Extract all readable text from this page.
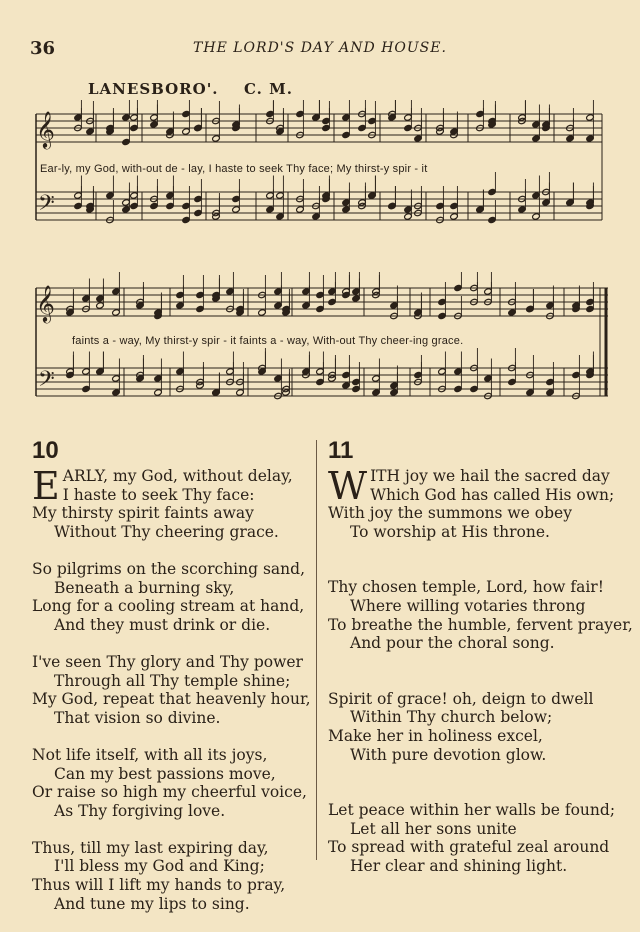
36	THE LORD'S DAY AND HOUSE.
LANESBORO'. C. M.
𝄞
𝄢
Ear-ly, my God, with-out de - lay, I haste to seek Thy face; My thirst-y spir - it
𝄞
𝄢
faints a - way, My thirst-y spir - it faints a - way, With-out Thy cheer-ing grace.
10
E ARLY, my God, without delay,
I haste to seek Thy face:
My thirsty spirit faints away
Without Thy cheering grace.
So pilgrims on the scorching sand,
Beneath a burning sky,
Long for a cooling stream at hand,
And they must drink or die.
I've seen Thy glory and Thy power
Through all Thy temple shine;
My God, repeat that heavenly hour,
That vision so divine.
Not life itself, with all its joys,
Can my best passions move,
Or raise so high my cheerful voice,
As Thy forgiving love.
Thus, till my last expiring day,
I'll bless my God and King;
Thus will I lift my hands to pray,
And tune my lips to sing.
11
W ITH joy we hail the sacred day
Which God has called His own;
With joy the summons we obey
To worship at His throne.
Thy chosen temple, Lord, how fair!
Where willing votaries throng
To breathe the humble, fervent prayer,
And pour the choral song.
Spirit of grace! oh, deign to dwell
Within Thy church below;
Make her in holiness excel,
With pure devotion glow.
Let peace within her walls be found;
Let all her sons unite
To spread with grateful zeal around
Her clear and shining light.
